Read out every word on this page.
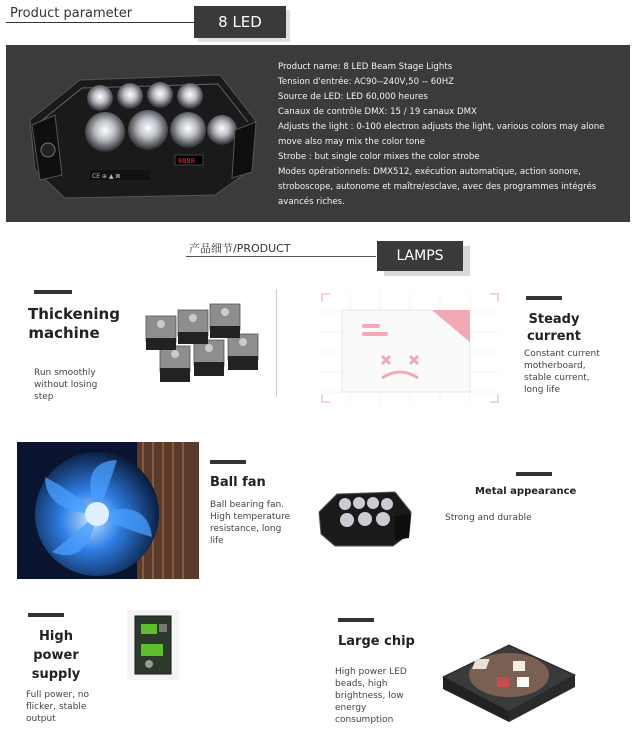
Product parameter	8 LED
8888
CE ⊕ ▲ ⊠
Product name: 8 LED Beam Stage Lights
Tension d'entrée: AC90--240V,50 -- 60HZ
Source de LED: LED 60,000 heures
Canaux de contrôle DMX: 15 / 19 canaux DMX
Adjusts the light : 0-100 electron adjusts the light, various colors may alone move also may mix the color tone
Strobe : but single color mixes the color strobe
Modes opérationnels: DMX512, exécution automatique, action sonore, stroboscope, autonome et maître/esclave, avec des programmes intégrés avancés riches.
产品细节/PRODUCT	LAMPS
Thickening machine
Run smoothly without losing step
Steady current
Constant current motherboard, stable current, long life
Ball fan
Ball bearing fan. High temperature resistance, long life
Metal appearance
Strong and durable
High power supply
Full power, no flicker, stable output
Large chip
High power LED beads, high brightness, low energy consumption
